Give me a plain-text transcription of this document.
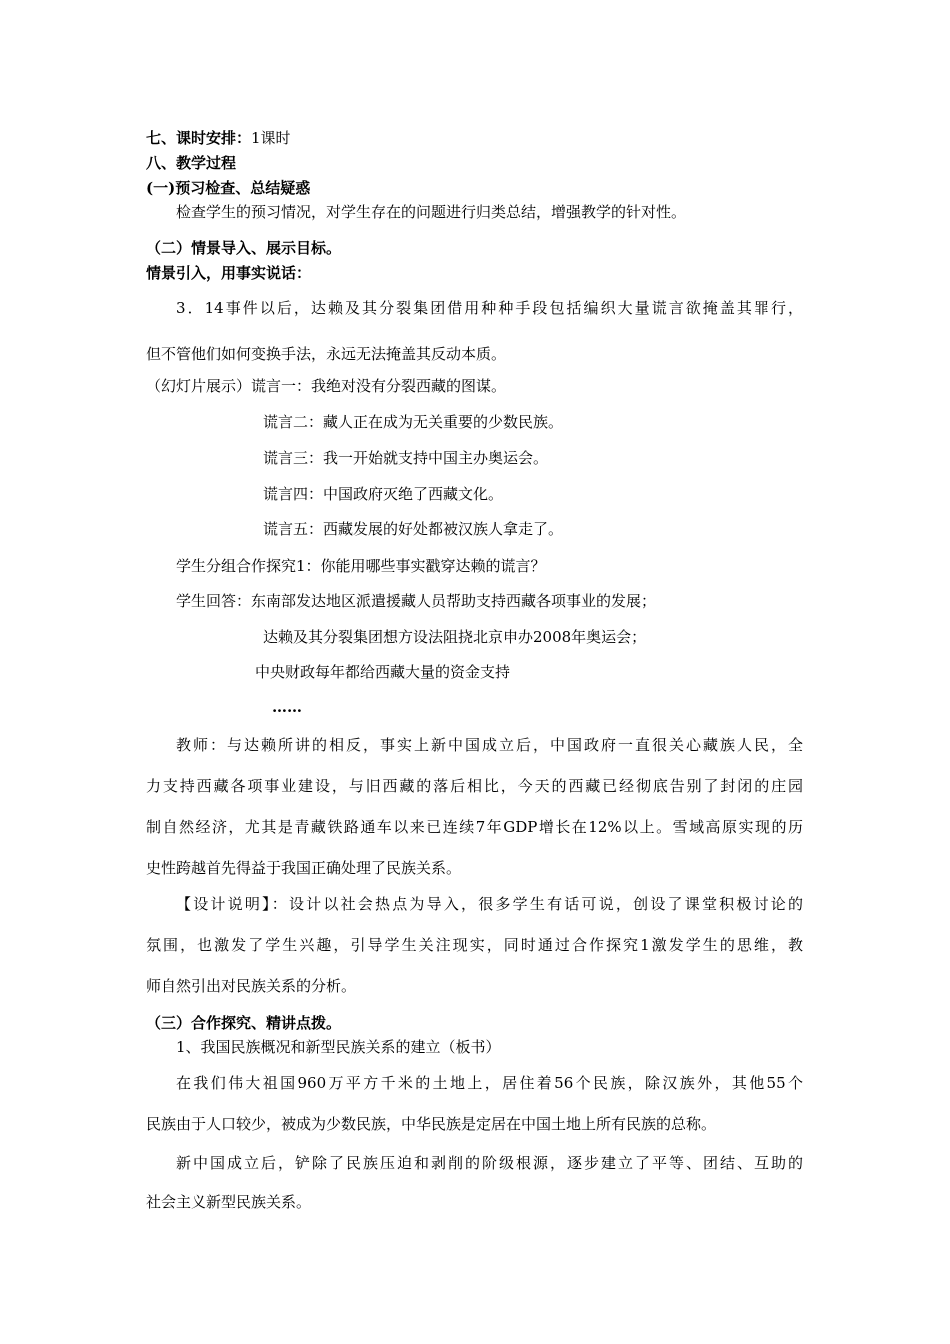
七、课时安排：1课时
八、教学过程
(一)预习检查、总结疑惑
检查学生的预习情况，对学生存在的问题进行归类总结，增强教学的针对性。
（二）情景导入、展示目标。
情景引入，用事实说话：
3．14事件以后，达赖及其分裂集团借用种种手段包括编织大量谎言欲掩盖其罪行，
但不管他们如何变换手法，永远无法掩盖其反动本质。
（幻灯片展示）谎言一：我绝对没有分裂西藏的图谋。
谎言二：藏人正在成为无关重要的少数民族。
谎言三：我一开始就支持中国主办奥运会。
谎言四：中国政府灭绝了西藏文化。
谎言五：西藏发展的好处都被汉族人拿走了。
学生分组合作探究1：你能用哪些事实戳穿达赖的谎言？
学生回答：东南部发达地区派遣援藏人员帮助支持西藏各项事业的发展；
达赖及其分裂集团想方设法阻挠北京申办2008年奥运会；
中央财政每年都给西藏大量的资金支持
……
教师：与达赖所讲的相反，事实上新中国成立后，中国政府一直很关心藏族人民，全
力支持西藏各项事业建设，与旧西藏的落后相比，今天的西藏已经彻底告别了封闭的庄园
制自然经济，尤其是青藏铁路通车以来已连续7年GDP增长在12%以上。雪域高原实现的历
史性跨越首先得益于我国正确处理了民族关系。
【设计说明】：设计以社会热点为导入，很多学生有话可说，创设了课堂积极讨论的
氛围，也激发了学生兴趣，引导学生关注现实，同时通过合作探究1激发学生的思维，教
师自然引出对民族关系的分析。
（三）合作探究、精讲点拨。
1、我国民族概况和新型民族关系的建立（板书）
在我们伟大祖国960万平方千米的土地上，居住着56个民族，除汉族外，其他55个
民族由于人口较少，被成为少数民族，中华民族是定居在中国土地上所有民族的总称。
新中国成立后，铲除了民族压迫和剥削的阶级根源，逐步建立了平等、团结、互助的
社会主义新型民族关系。
